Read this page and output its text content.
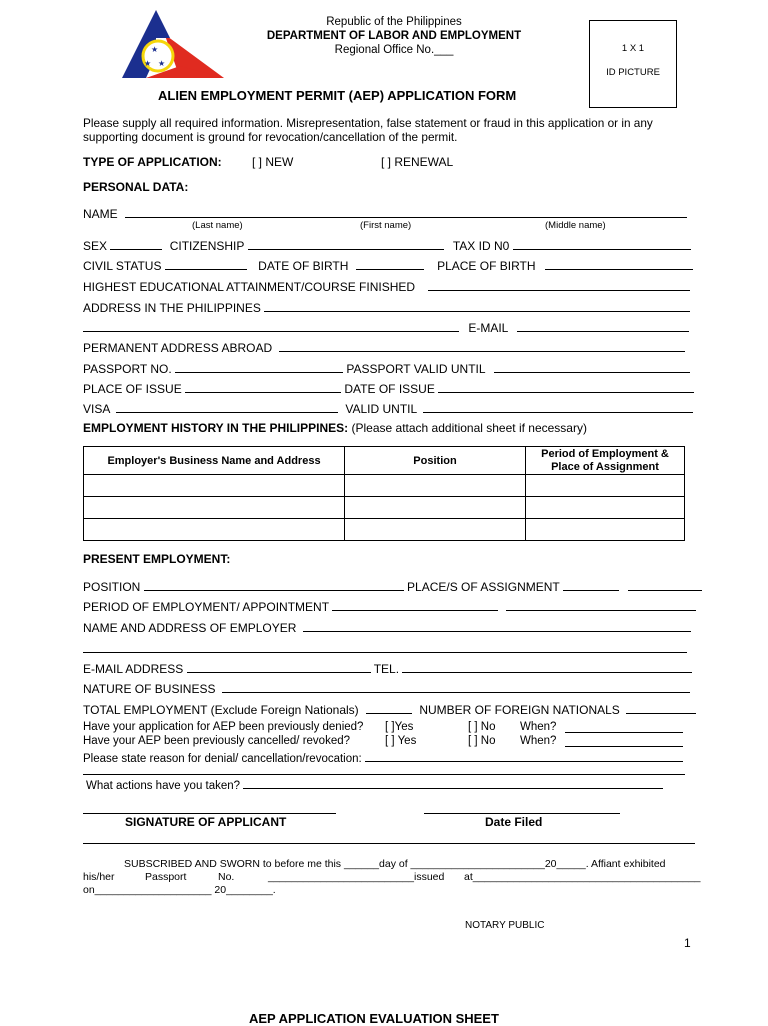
★
★ ★
Republic of the Philippines
DEPARTMENT OF LABOR AND EMPLOYMENT
Regional Office No.___	1 X 1
ID PICTURE
ALIEN EMPLOYMENT PERMIT (AEP) APPLICATION FORM
Please supply all required information. Misrepresentation, false statement or fraud in this application or in any
supporting document is ground for revocation/cancellation of the permit.
TYPE OF APPLICATION:	[ ] NEW	[ ] RENEWAL
PERSONAL DATA:
NAME
(Last name)	(First name)	(Middle name)
SEX	CITIZENSHIP	TAX ID N0
CIVIL STATUS	DATE OF BIRTH	PLACE OF BIRTH
HIGHEST EDUCATIONAL ATTAINMENT/COURSE FINISHED
ADDRESS IN THE PHILIPPINES
E-MAIL
PERMANENT ADDRESS ABROAD
PASSPORT NO.	PASSPORT VALID UNTIL
PLACE OF ISSUE	DATE OF ISSUE
VISA	VALID UNTIL
EMPLOYMENT HISTORY IN THE PHILIPPINES: (Please attach additional sheet if necessary)
Employer's Business Name and Address	Position	Period of Employment &
Place of Assignment

PRESENT EMPLOYMENT:
POSITION	PLACE/S OF ASSIGNMENT
PERIOD OF EMPLOYMENT/ APPOINTMENT
NAME AND ADDRESS OF EMPLOYER
E-MAIL ADDRESS	TEL.
NATURE OF BUSINESS
TOTAL EMPLOYMENT (Exclude Foreign Nationals)	NUMBER OF FOREIGN NATIONALS
Have your application for AEP been previously denied? [ ]Yes	[ ] No When?
Have your AEP been previously cancelled/ revoked?	[ ] Yes	[ ] No When?
Please state reason for denial/ cancellation/revocation:
What actions have you taken?
SIGNATURE OF APPLICANT	Date Filed
SUBSCRIBED AND SWORN to before me this ______day of _______________________20_____. Affiant exhibited
his/her	Passport	No.	_________________________issued at_______________________________________
on____________________ 20________.
NOTARY PUBLIC
1
AEP APPLICATION EVALUATION SHEET
